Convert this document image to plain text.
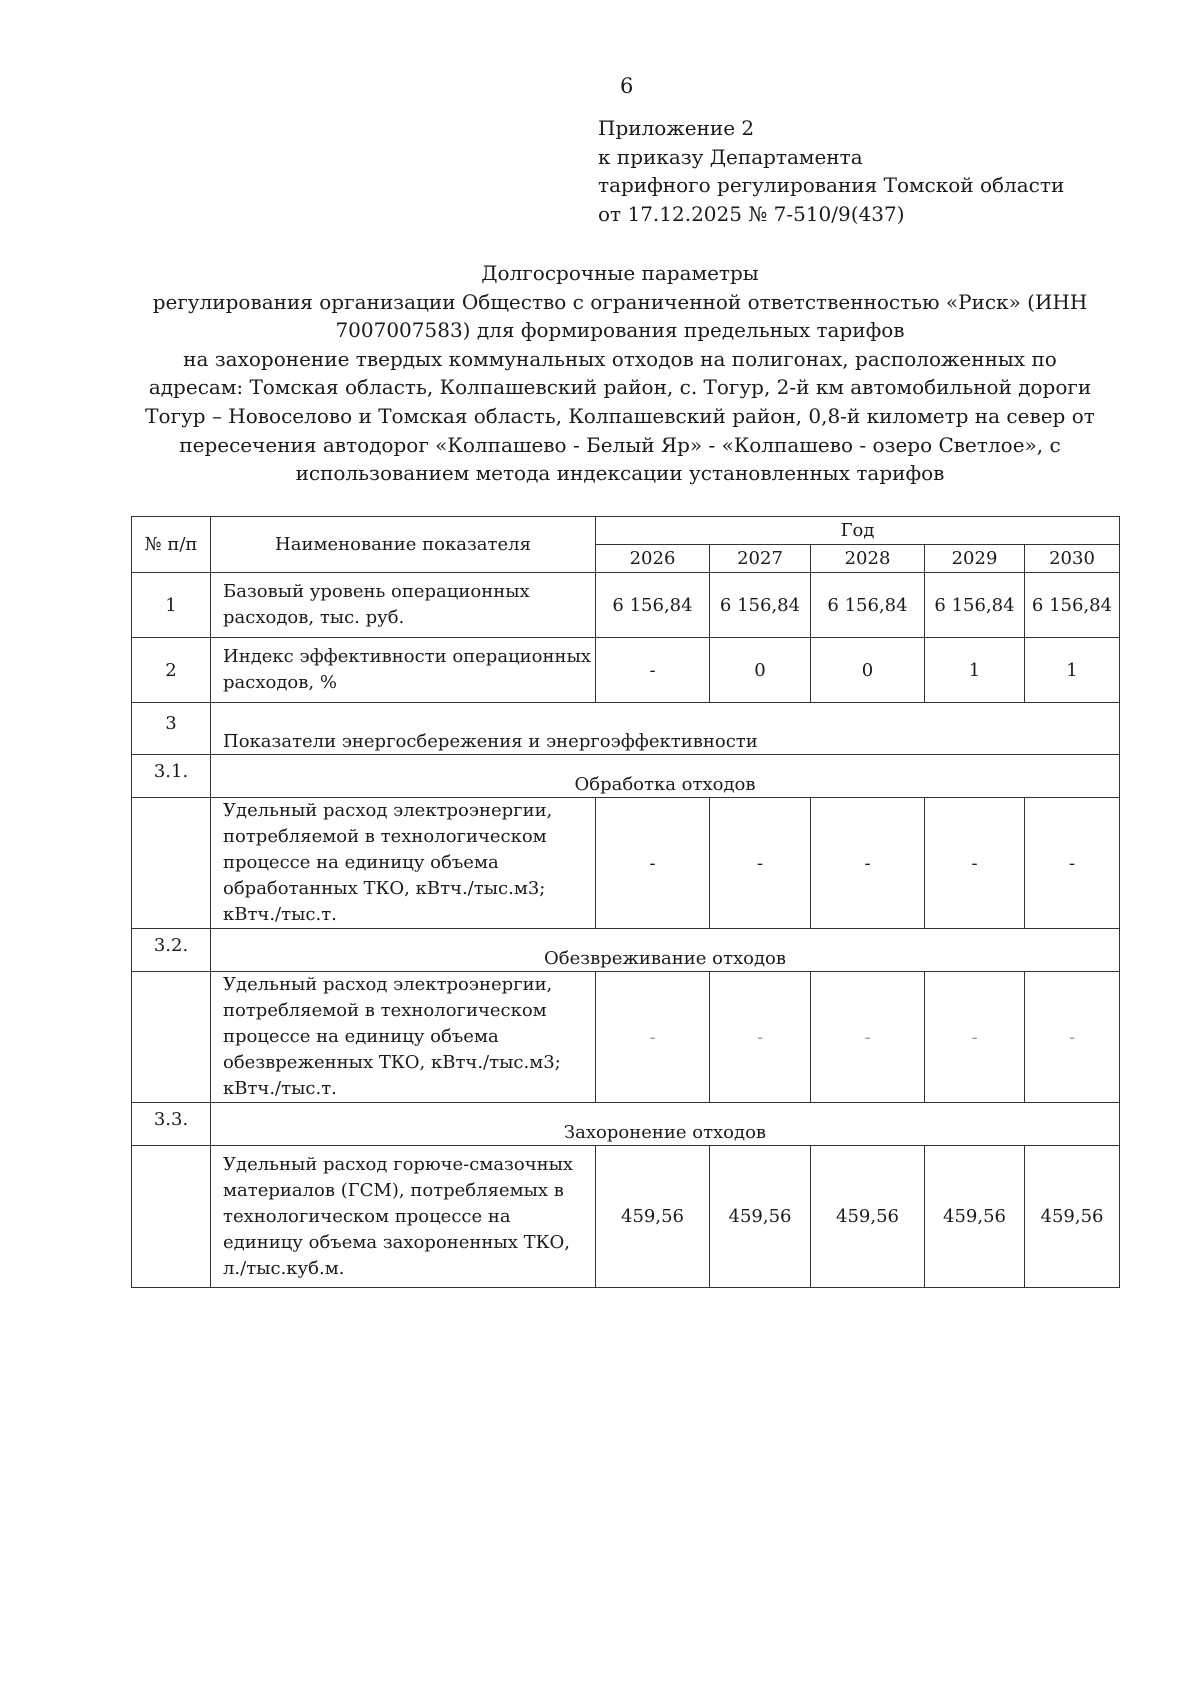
6
Приложение 2
к приказу Департамента
тарифного регулирования Томской области
от 17.12.2025 № 7-510/9(437)
Долгосрочные параметры
регулирования организации Общество с ограниченной ответственностью «Риск» (ИНН
7007007583) для формирования предельных тарифов
на захоронение твердых коммунальных отходов на полигонах, расположенных по
адресам: Томская область, Колпашевский район, с. Тогур, 2-й км автомобильной дороги
Тогур – Новоселово и Томская область, Колпашевский район, 0,8-й километр на север от
пересечения автодорог «Колпашево - Белый Яр» - «Колпашево - озеро Светлое», с
использованием метода индексации установленных тарифов
№ п/п	Наименование показателя	Год				
		2026	2027	2028	2029	2030
1	Базовый уровень операционных расходов, тыс. руб.	6 156,84	6 156,84	6 156,84	6 156,84	6 156,84
2	Индекс эффективности операционных расходов, %	-	0	0	1	1
3	Показатели энергосбережения и энергоэффективности					
3.1.	Обработка отходов					
	Удельный расход электроэнергии, потребляемой в технологическом процессе на единицу объема обработанных ТКО, кВтч./тыс.м3; кВтч./тыс.т.	-	-	-	-	-
3.2.	Обезвреживание отходов					
	Удельный расход электроэнергии, потребляемой в технологическом процессе на единицу объема обезвреженных ТКО, кВтч./тыс.м3; кВтч./тыс.т.	-	-	-	-	-
3.3.	Захоронение отходов					
	Удельный расход горюче-смазочных материалов (ГСМ), потребляемых в технологическом процессе на единицу объема захороненных ТКО, л./тыс.куб.м.	459,56	459,56	459,56	459,56	459,56
